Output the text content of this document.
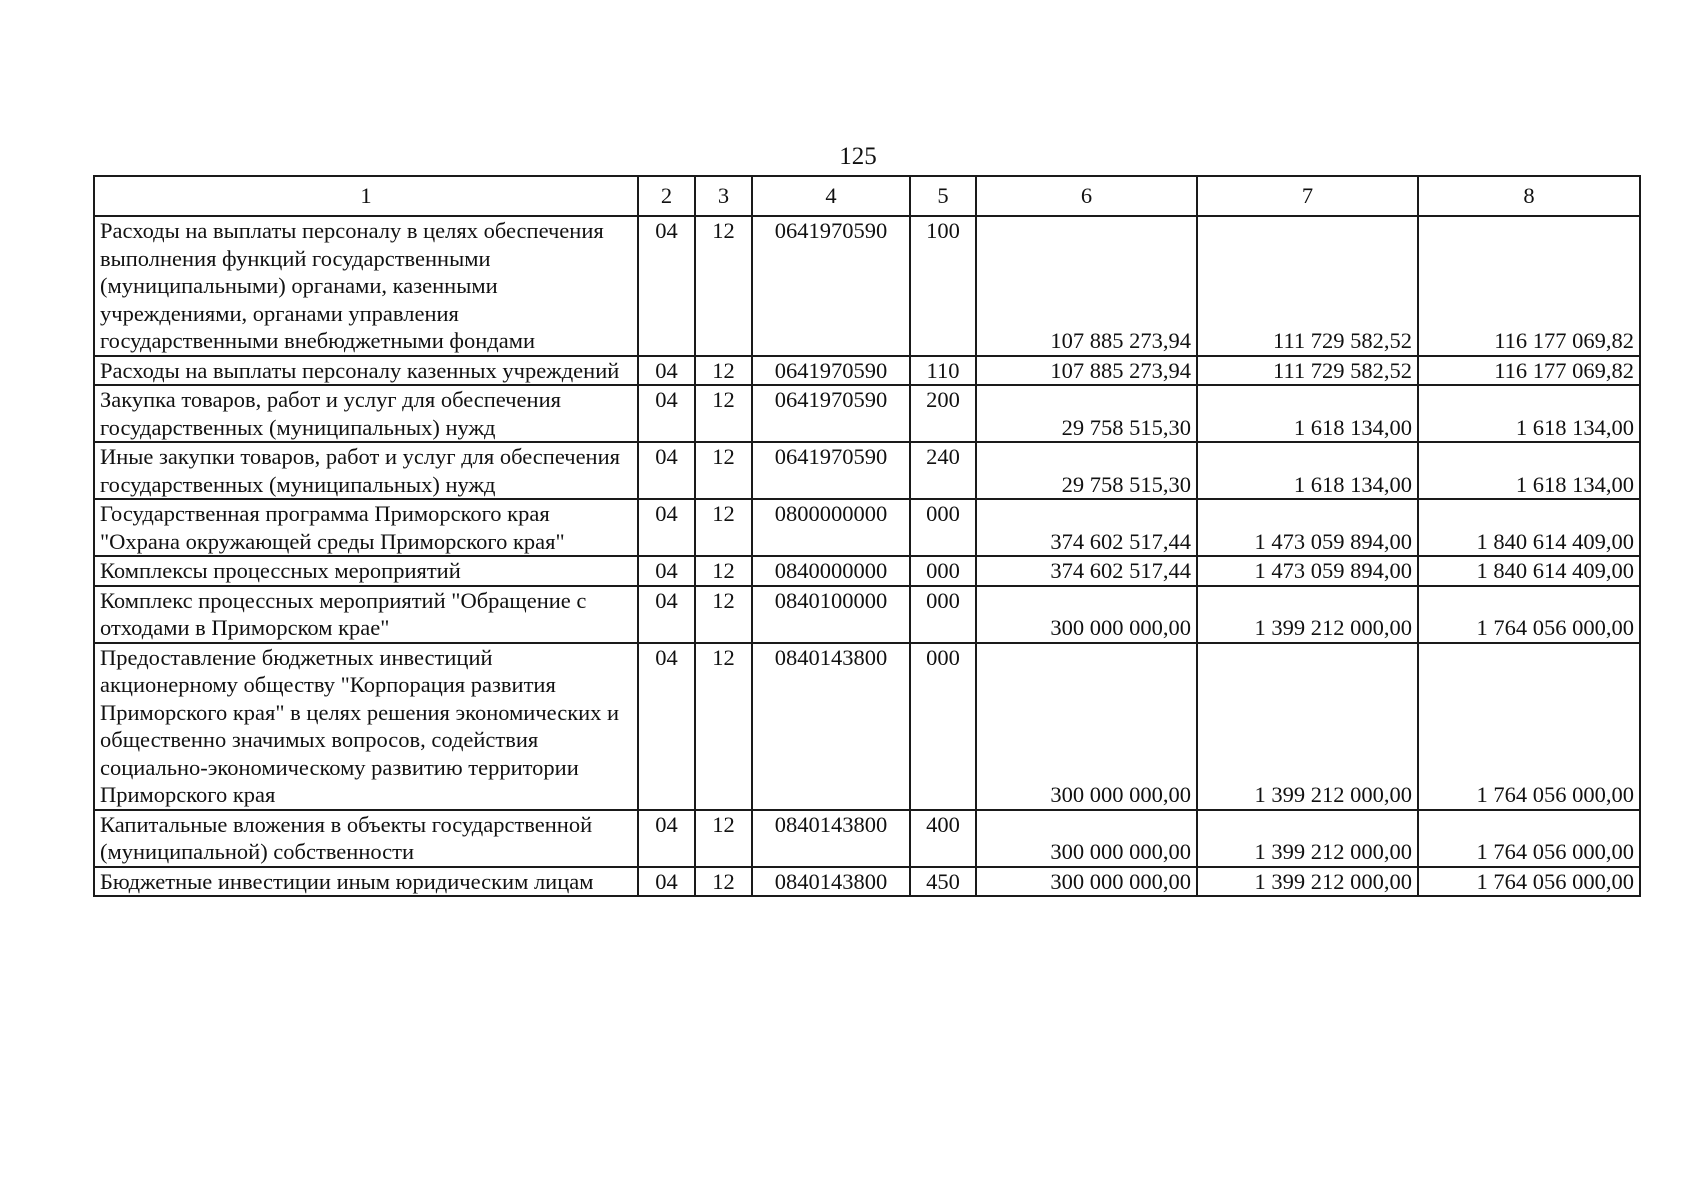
125
1	2	3	4	5	6	7	8
Расходы на выплаты персоналу в целях обеспечения выполнения функций государственными (муниципальными) органами, казенными учреждениями, органами управления государственными внебюджетными фондами	04	12	0641970590	100	107 885 273,94	111 729 582,52	116 177 069,82
Расходы на выплаты персоналу казенных учреждений	04	12	0641970590	110	107 885 273,94	111 729 582,52	116 177 069,82
Закупка товаров, работ и услуг для обеспечения государственных (муниципальных) нужд	04	12	0641970590	200	29 758 515,30	1 618 134,00	1 618 134,00
Иные закупки товаров, работ и услуг для обеспечения государственных (муниципальных) нужд	04	12	0641970590	240	29 758 515,30	1 618 134,00	1 618 134,00
Государственная программа Приморского края "Охрана окружающей среды Приморского края"	04	12	0800000000	000	374 602 517,44	1 473 059 894,00	1 840 614 409,00
Комплексы процессных мероприятий	04	12	0840000000	000	374 602 517,44	1 473 059 894,00	1 840 614 409,00
Комплекс процессных мероприятий "Обращение с отходами в Приморском крае"	04	12	0840100000	000	300 000 000,00	1 399 212 000,00	1 764 056 000,00
Предоставление бюджетных инвестиций акционерному обществу "Корпорация развития Приморского края" в целях решения экономических и общественно значимых вопросов, содействия социально-экономическому развитию территории Приморского края	04	12	0840143800	000	300 000 000,00	1 399 212 000,00	1 764 056 000,00
Капитальные вложения в объекты государственной (муниципальной) собственности	04	12	0840143800	400	300 000 000,00	1 399 212 000,00	1 764 056 000,00
Бюджетные инвестиции иным юридическим лицам	04	12	0840143800	450	300 000 000,00	1 399 212 000,00	1 764 056 000,00
